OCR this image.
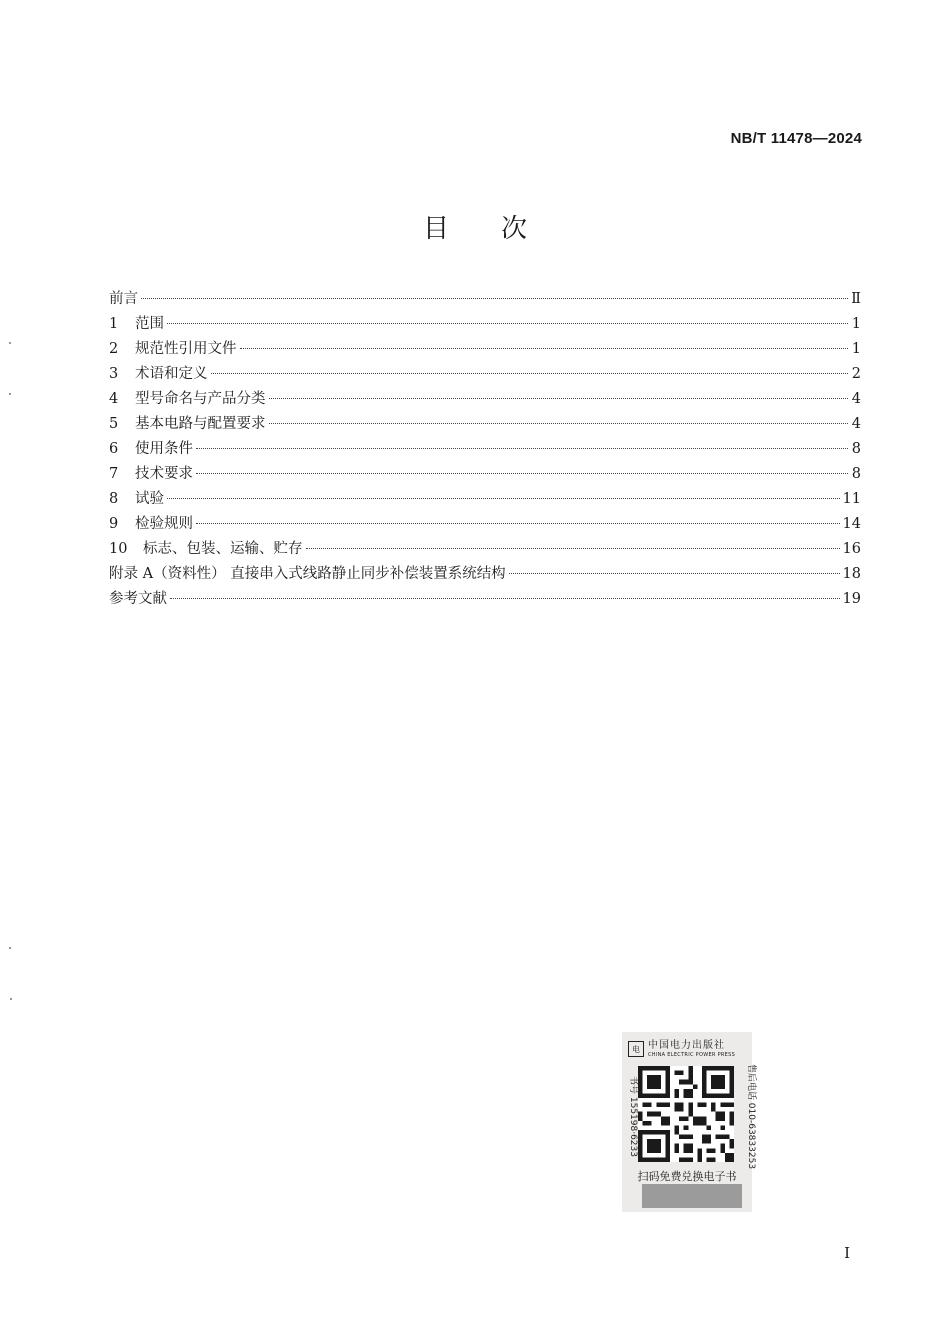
NB/T 11478—2024
目 次
前言	Ⅱ
1	范围	1
2	规范性引用文件	1
3	术语和定义	2
4	型号命名与产品分类	4
5	基本电路与配置要求	4
6	使用条件	8
7	技术要求	8
8	试验	11
9	检验规则	14
10	标志、包装、运输、贮存	16
附录 A（资料性） 直接串入式线路静止同步补偿装置系统结构	18
参考文献	19
电 中国电力出版社
CHINA ELECTRIC POWER PRESS
书号 155198·6233	售后电话 010-63833253
扫码免费兑换电子书
I
